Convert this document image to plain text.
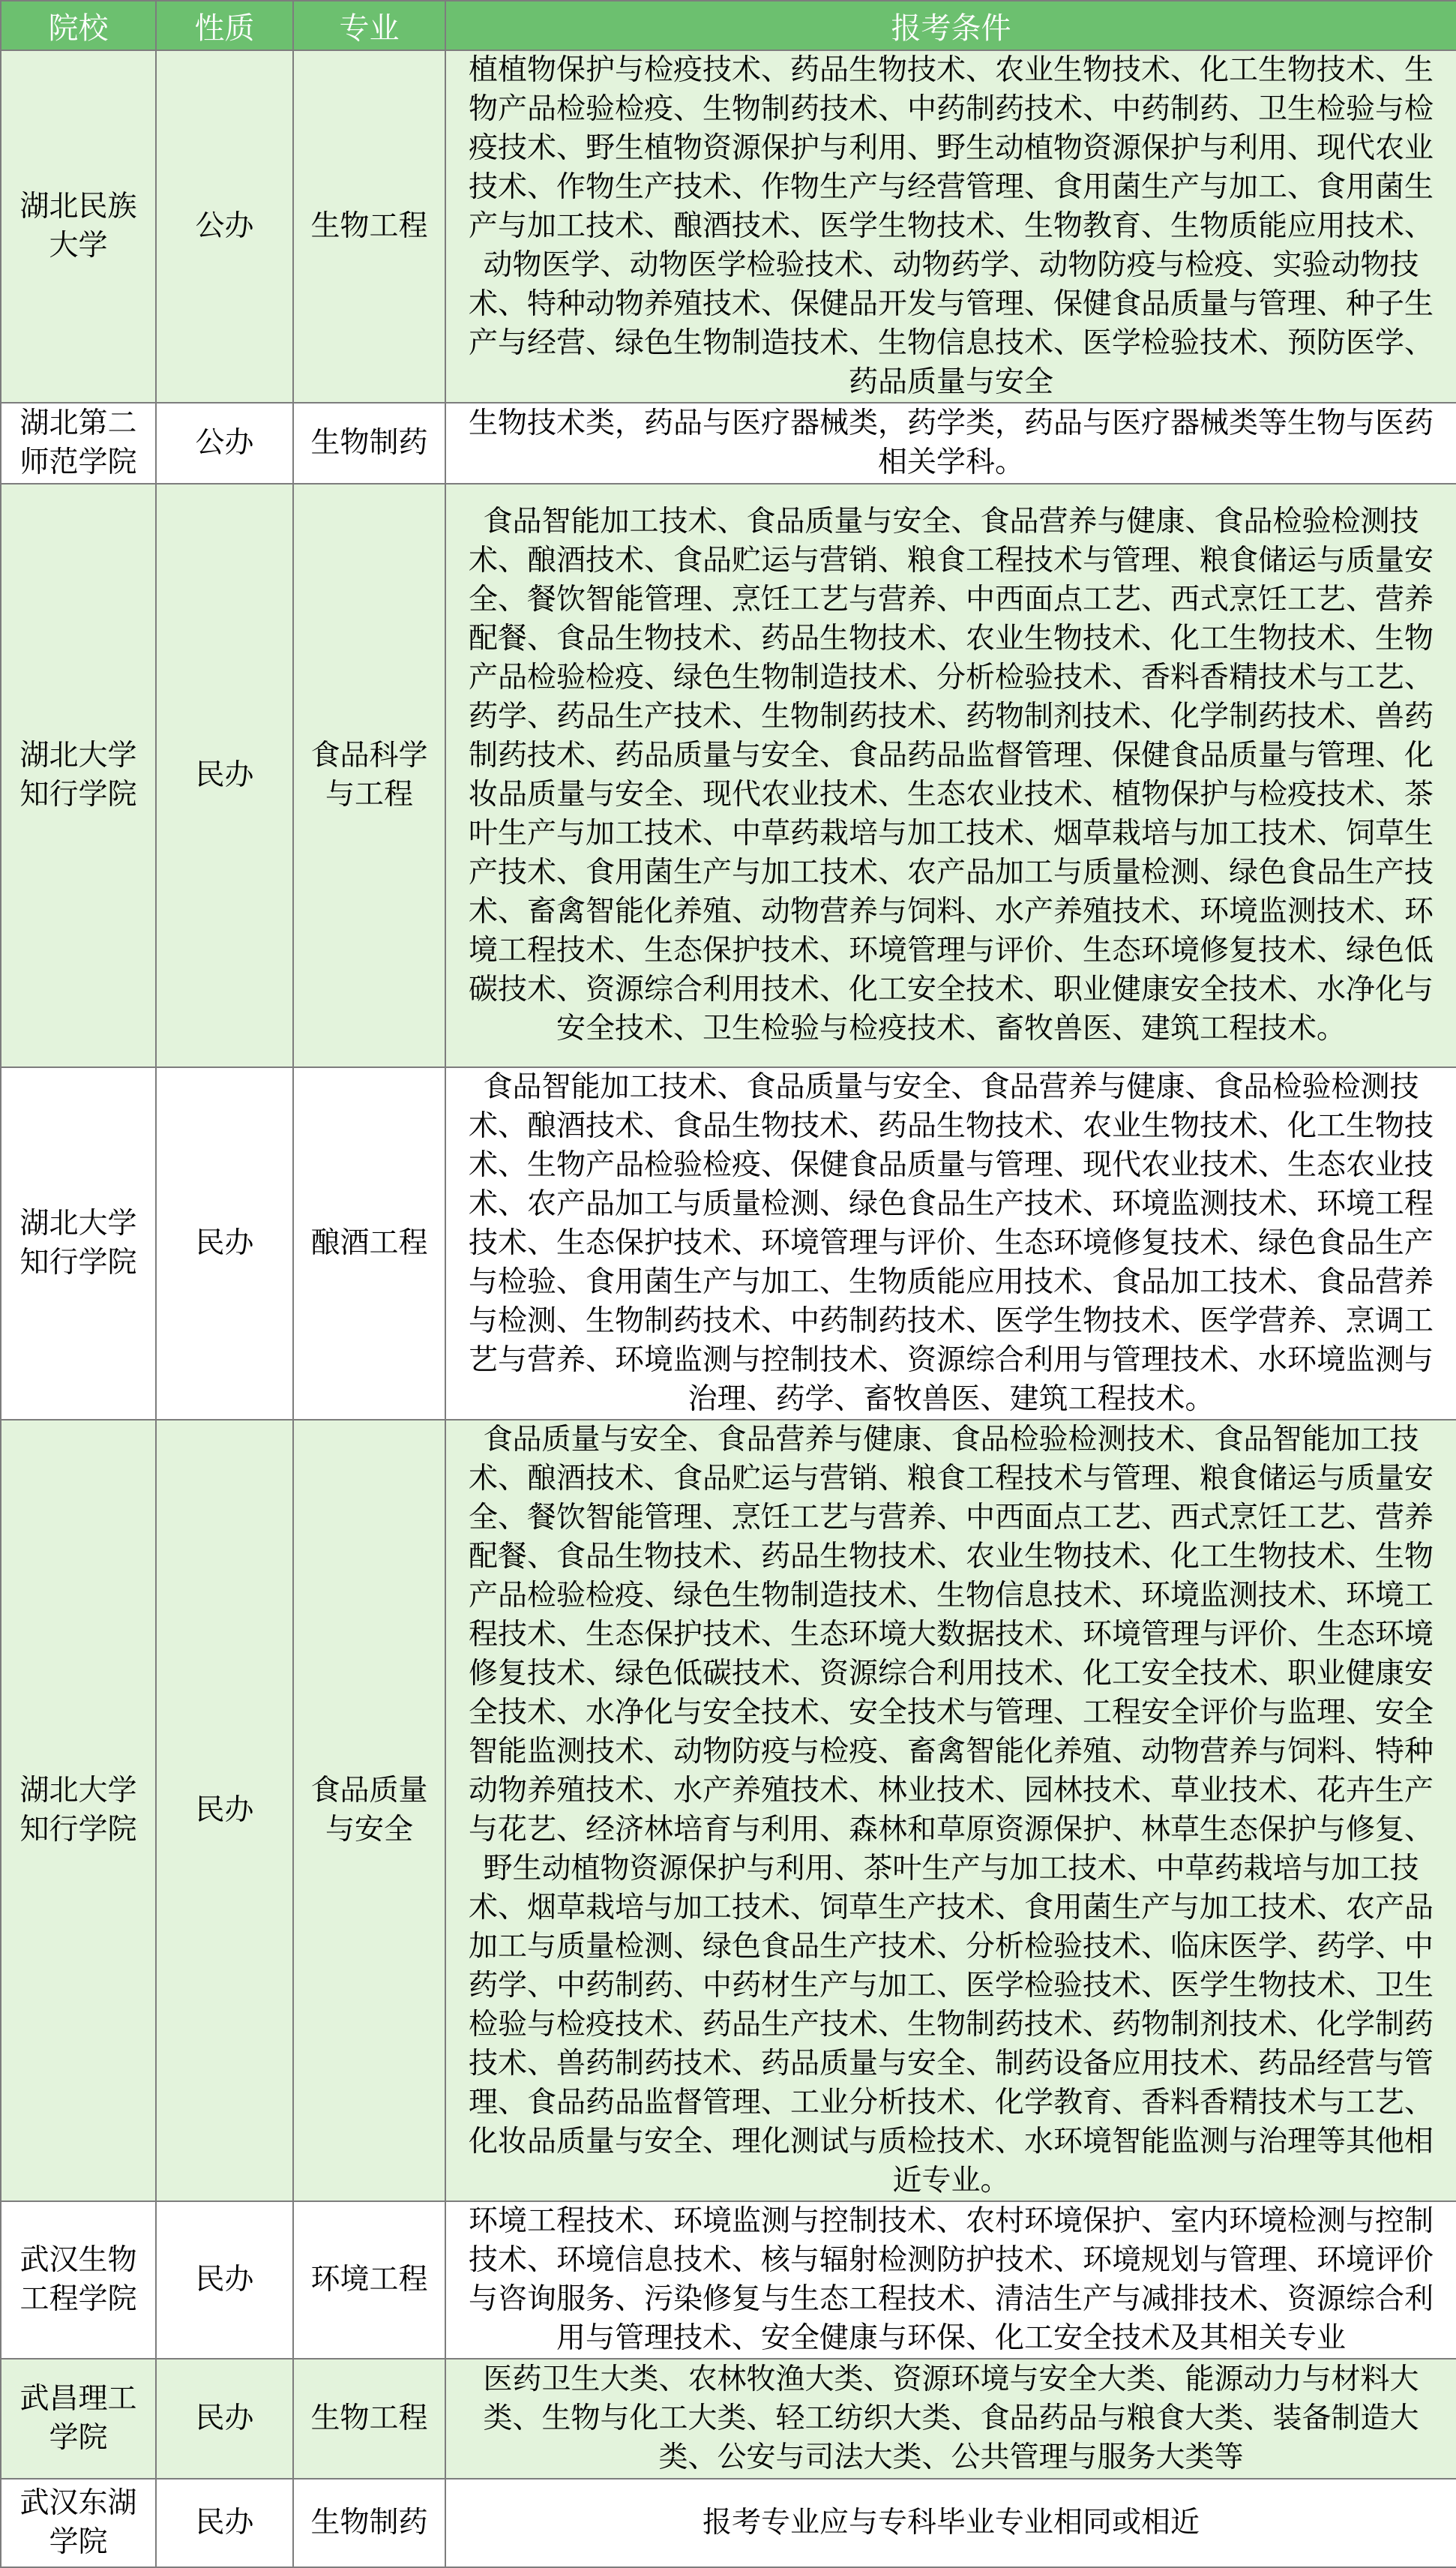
院校	性质	专业	报考条件
湖北民族大学	公办	生物工程	植植物保护与检疫技术、药品生物技术、农业生物技术、化工生物技术、生物产品检验检疫、生物制药技术、中药制药技术、中药制药、卫生检验与检疫技术、野生植物资源保护与利用、野生动植物资源保护与利用、现代农业技术、作物生产技术、作物生产与经营管理、食用菌生产与加工、食用菌生产与加工技术、酿酒技术、医学生物技术、生物教育、生物质能应用技术、动物医学、动物医学检验技术、动物药学、动物防疫与检疫、实验动物技术、特种动物养殖技术、保健品开发与管理、保健食品质量与管理、种子生产与经营、绿色生物制造技术、生物信息技术、医学检验技术、预防医学、药品质量与安全
湖北第二师范学院	公办	生物制药	生物技术类，药品与医疗器械类，药学类，药品与医疗器械类等生物与医药相关学科。
湖北大学知行学院	民办	食品科学与工程	食品智能加工技术、食品质量与安全、食品营养与健康、食品检验检测技术、酿酒技术、食品贮运与营销、粮食工程技术与管理、粮食储运与质量安全、餐饮智能管理、烹饪工艺与营养、中西面点工艺、西式烹饪工艺、营养配餐、食品生物技术、药品生物技术、农业生物技术、化工生物技术、生物产品检验检疫、绿色生物制造技术、分析检验技术、香料香精技术与工艺、药学、药品生产技术、生物制药技术、药物制剂技术、化学制药技术、兽药制药技术、药品质量与安全、食品药品监督管理、保健食品质量与管理、化妆品质量与安全、现代农业技术、生态农业技术、植物保护与检疫技术、茶叶生产与加工技术、中草药栽培与加工技术、烟草栽培与加工技术、饲草生产技术、食用菌生产与加工技术、农产品加工与质量检测、绿色食品生产技术、畜禽智能化养殖、动物营养与饲料、水产养殖技术、环境监测技术、环境工程技术、生态保护技术、环境管理与评价、生态环境修复技术、绿色低碳技术、资源综合利用技术、化工安全技术、职业健康安全技术、水净化与安全技术、卫生检验与检疫技术、畜牧兽医、建筑工程技术。
湖北大学知行学院	民办	酿酒工程	食品智能加工技术、食品质量与安全、食品营养与健康、食品检验检测技术、酿酒技术、食品生物技术、药品生物技术、农业生物技术、化工生物技术、生物产品检验检疫、保健食品质量与管理、现代农业技术、生态农业技术、农产品加工与质量检测、绿色食品生产技术、环境监测技术、环境工程技术、生态保护技术、环境管理与评价、生态环境修复技术、绿色食品生产与检验、食用菌生产与加工、生物质能应用技术、食品加工技术、食品营养与检测、生物制药技术、中药制药技术、医学生物技术、医学营养、烹调工艺与营养、环境监测与控制技术、资源综合利用与管理技术、水环境监测与治理、药学、畜牧兽医、建筑工程技术。
湖北大学知行学院	民办	食品质量与安全	食品质量与安全、食品营养与健康、食品检验检测技术、食品智能加工技术、酿酒技术、食品贮运与营销、粮食工程技术与管理、粮食储运与质量安全、餐饮智能管理、烹饪工艺与营养、中西面点工艺、西式烹饪工艺、营养配餐、食品生物技术、药品生物技术、农业生物技术、化工生物技术、生物产品检验检疫、绿色生物制造技术、生物信息技术、环境监测技术、环境工程技术、生态保护技术、生态环境大数据技术、环境管理与评价、生态环境修复技术、绿色低碳技术、资源综合利用技术、化工安全技术、职业健康安全技术、水净化与安全技术、安全技术与管理、工程安全评价与监理、安全智能监测技术、动物防疫与检疫、畜禽智能化养殖、动物营养与饲料、特种动物养殖技术、水产养殖技术、林业技术、园林技术、草业技术、花卉生产与花艺、经济林培育与利用、森林和草原资源保护、林草生态保护与修复、野生动植物资源保护与利用、茶叶生产与加工技术、中草药栽培与加工技术、烟草栽培与加工技术、饲草生产技术、食用菌生产与加工技术、农产品加工与质量检测、绿色食品生产技术、分析检验技术、临床医学、药学、中药学、中药制药、中药材生产与加工、医学检验技术、医学生物技术、卫生检验与检疫技术、药品生产技术、生物制药技术、药物制剂技术、化学制药技术、兽药制药技术、药品质量与安全、制药设备应用技术、药品经营与管理、食品药品监督管理、工业分析技术、化学教育、香料香精技术与工艺、化妆品质量与安全、理化测试与质检技术、水环境智能监测与治理等其他相近专业。
武汉生物工程学院	民办	环境工程	环境工程技术、环境监测与控制技术、农村环境保护、室内环境检测与控制技术、环境信息技术、核与辐射检测防护技术、环境规划与管理、环境评价与咨询服务、污染修复与生态工程技术、清洁生产与减排技术、资源综合利用与管理技术、安全健康与环保、化工安全技术及其相关专业
武昌理工学院	民办	生物工程	医药卫生大类、农林牧渔大类、资源环境与安全大类、能源动力与材料大类、生物与化工大类、轻工纺织大类、食品药品与粮食大类、装备制造大类、公安与司法大类、公共管理与服务大类等
武汉东湖学院	民办	生物制药	报考专业应与专科毕业专业相同或相近
